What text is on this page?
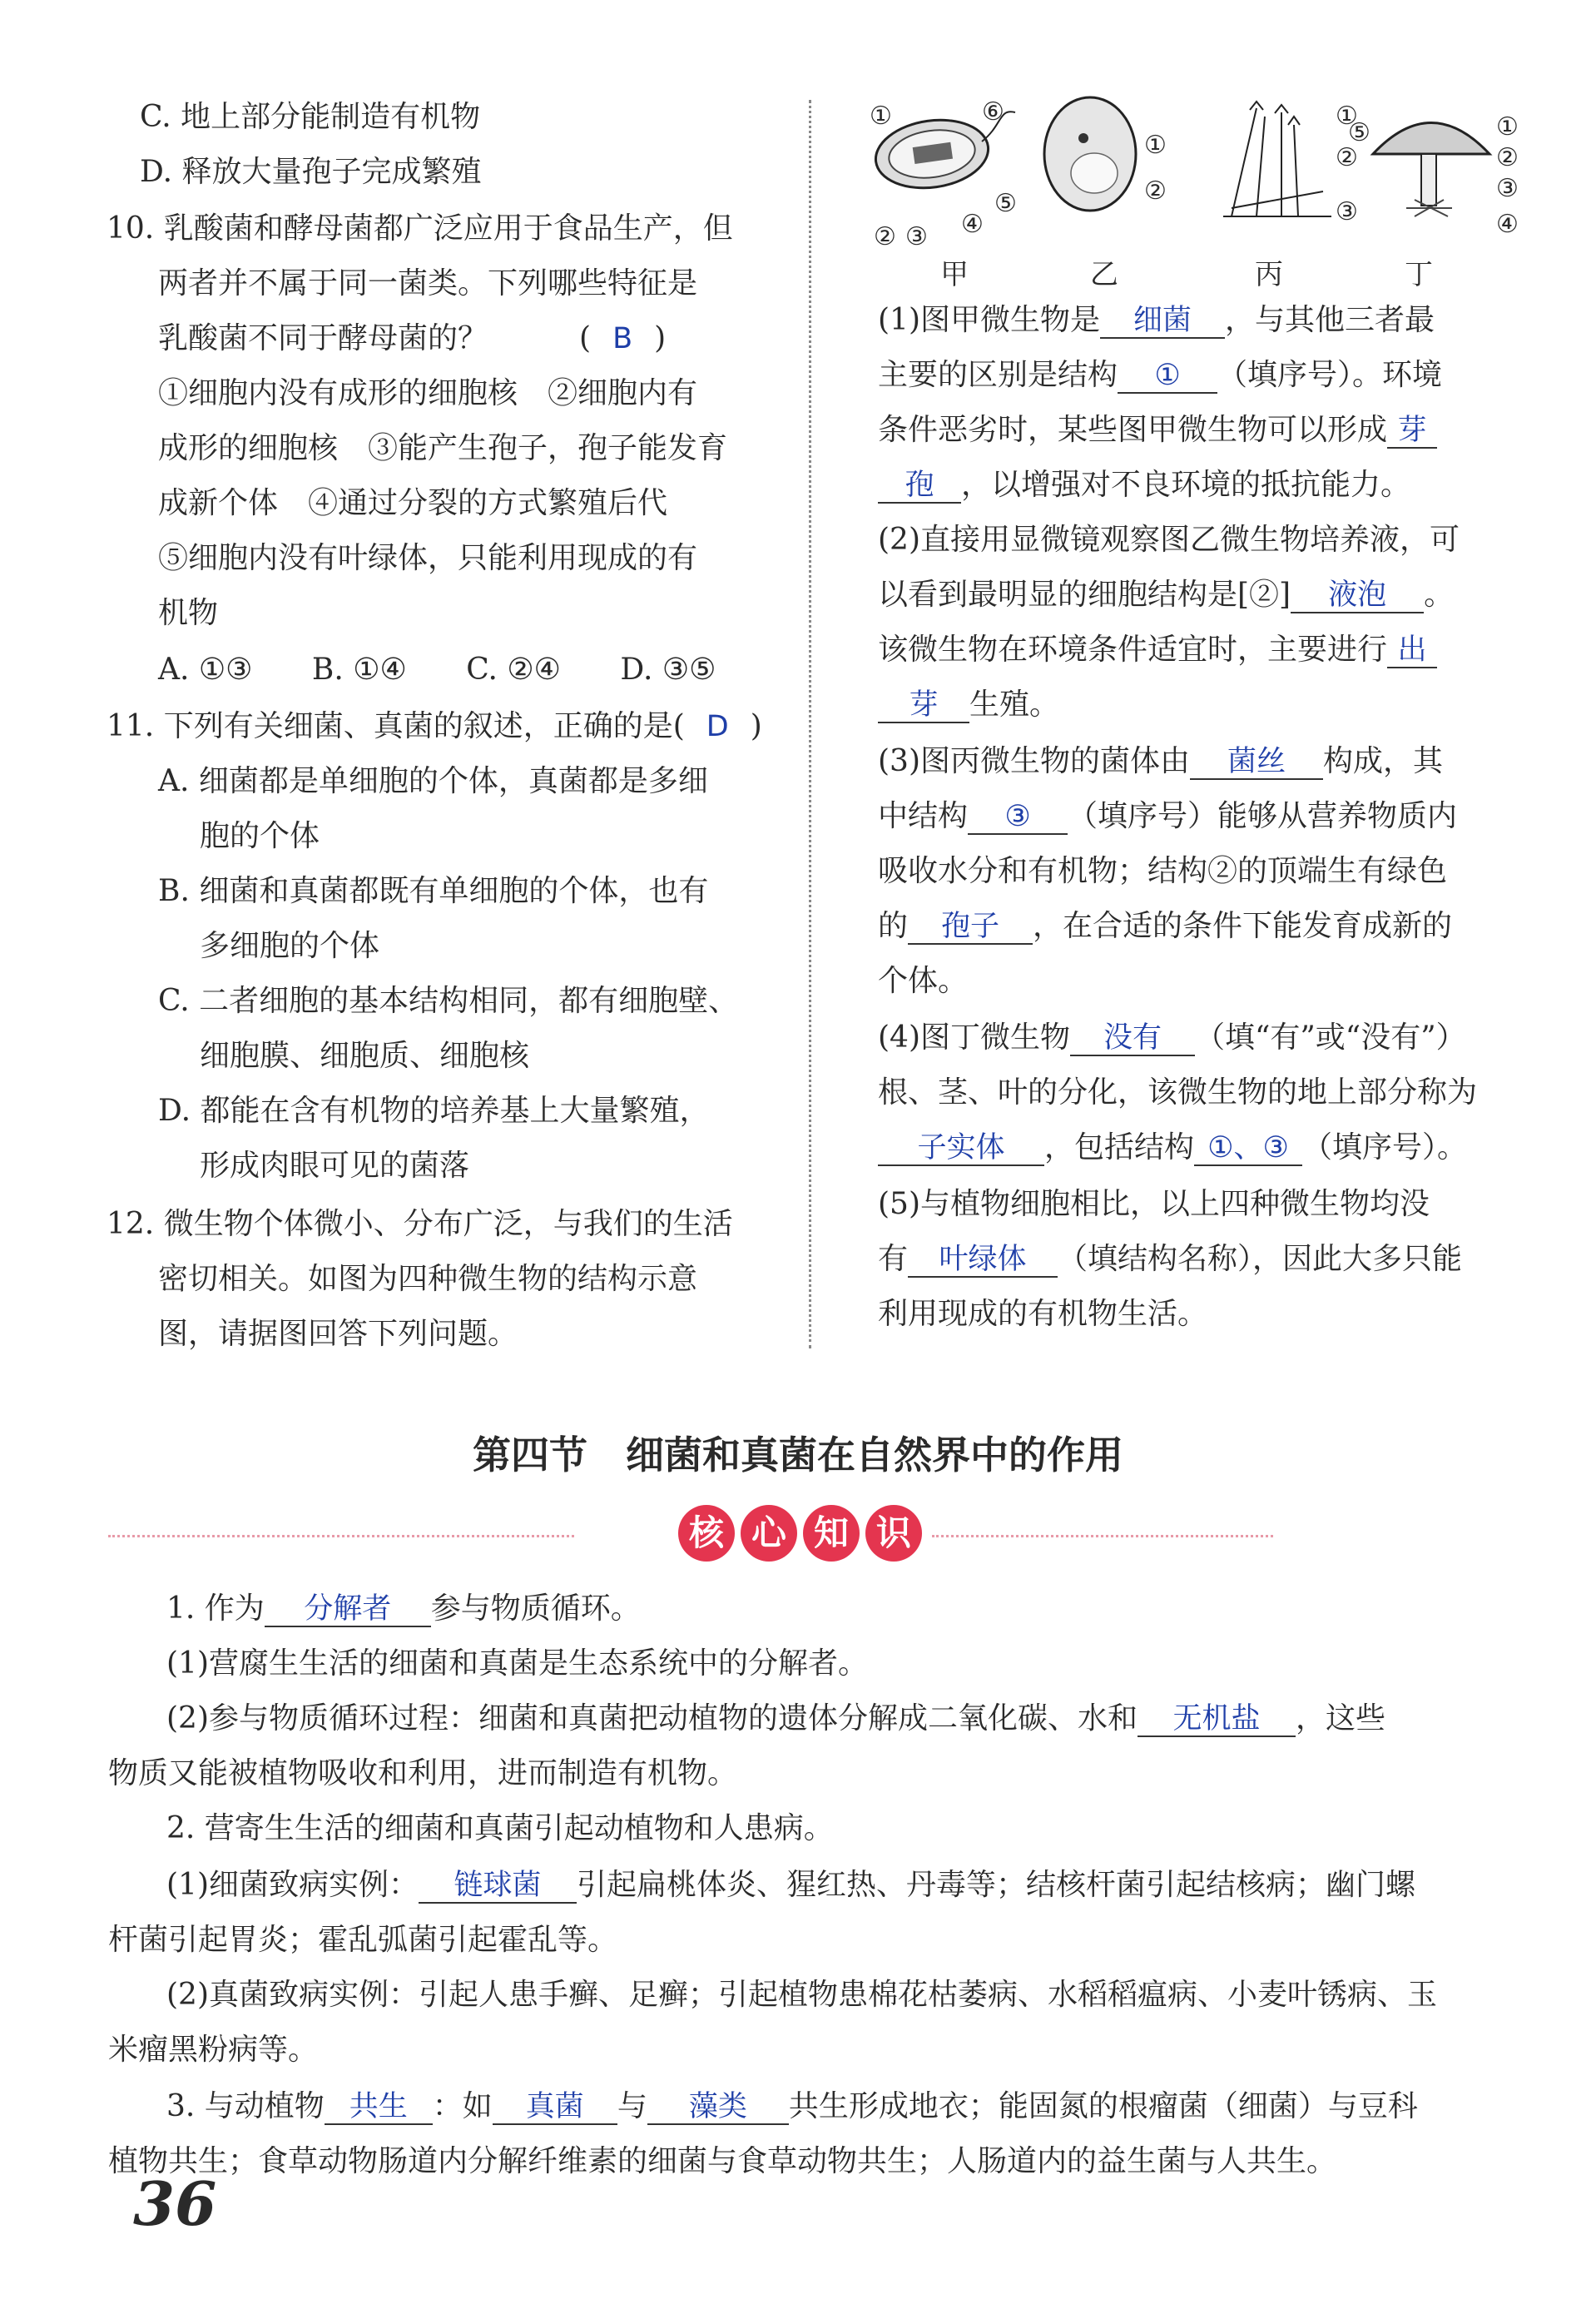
C. 地上部分能制造有机物
D. 释放大量孢子完成繁殖
10. 乳酸菌和酵母菌都广泛应用于食品生产，但
两者并不属于同一菌类。下列哪些特征是
乳酸菌不同于酵母菌的？	( B )
①细胞内没有成形的细胞核　②细胞内有
成形的细胞核　③能产生孢子，孢子能发育
成新个体　④通过分裂的方式繁殖后代
⑤细胞内没有叶绿体，只能利用现成的有
机物
A. ①③ B. ①④ C. ②④ D. ③⑤
11. 下列有关细菌、真菌的叙述，正确的是( D )
A. 细菌都是单细胞的个体，真菌都是多细
胞的个体
B. 细菌和真菌都既有单细胞的个体，也有
多细胞的个体
C. 二者细胞的基本结构相同，都有细胞壁、
细胞膜、细胞质、细胞核
D. 都能在含有机物的培养基上大量繁殖，
形成肉眼可见的菌落
12. 微生物个体微小、分布广泛，与我们的生活
密切相关。如图为四种微生物的结构示意
图，请据图回答下列问题。
①	⑥
② ③ ④
⑤
①
②
①
②
③
⑤	①
②
③
④
甲	乙	丙	丁
(1)图甲微生物是 细菌 ，与其他三者最
主要的区别是结构 ① （填序号）。环境
条件恶劣时，某些图甲微生物可以形成 芽
孢 ，以增强对不良环境的抵抗能力。
(2)直接用显微镜观察图乙微生物培养液，可
以看到最明显的细胞结构是[②] 液泡 。
该微生物在环境条件适宜时，主要进行 出
芽 生殖。
(3)图丙微生物的菌体由 菌丝 构成，其
中结构 ③ （填序号）能够从营养物质内
吸收水分和有机物；结构②的顶端生有绿色
的 孢子 ，在合适的条件下能发育成新的
个体。
(4)图丁微生物 没有 （填“有”或“没有”）
根、茎、叶的分化，该微生物的地上部分称为
子实体 ，包括结构 ①、③ （填序号）。
(5)与植物细胞相比，以上四种微生物均没
有 叶绿体 （填结构名称），因此大多只能
利用现成的有机物生活。
第四节　细菌和真菌在自然界中的作用
核 心 知 识
1. 作为 分解者 参与物质循环。
(1)营腐生生活的细菌和真菌是生态系统中的分解者。
(2)参与物质循环过程：细菌和真菌把动植物的遗体分解成二氧化碳、水和 无机盐 ，这些
物质又能被植物吸收和利用，进而制造有机物。
2. 营寄生生活的细菌和真菌引起动植物和人患病。
(1)细菌致病实例： 链球菌 引起扁桃体炎、猩红热、丹毒等；结核杆菌引起结核病；幽门螺
杆菌引起胃炎；霍乱弧菌引起霍乱等。
(2)真菌致病实例：引起人患手癣、足癣；引起植物患棉花枯萎病、水稻稻瘟病、小麦叶锈病、玉
米瘤黑粉病等。
3. 与动植物 共生 ：如 真菌 与 藻类 共生形成地衣；能固氮的根瘤菌（细菌）与豆科
植物共生；食草动物肠道内分解纤维素的细菌与食草动物共生；人肠道内的益生菌与人共生。
36
